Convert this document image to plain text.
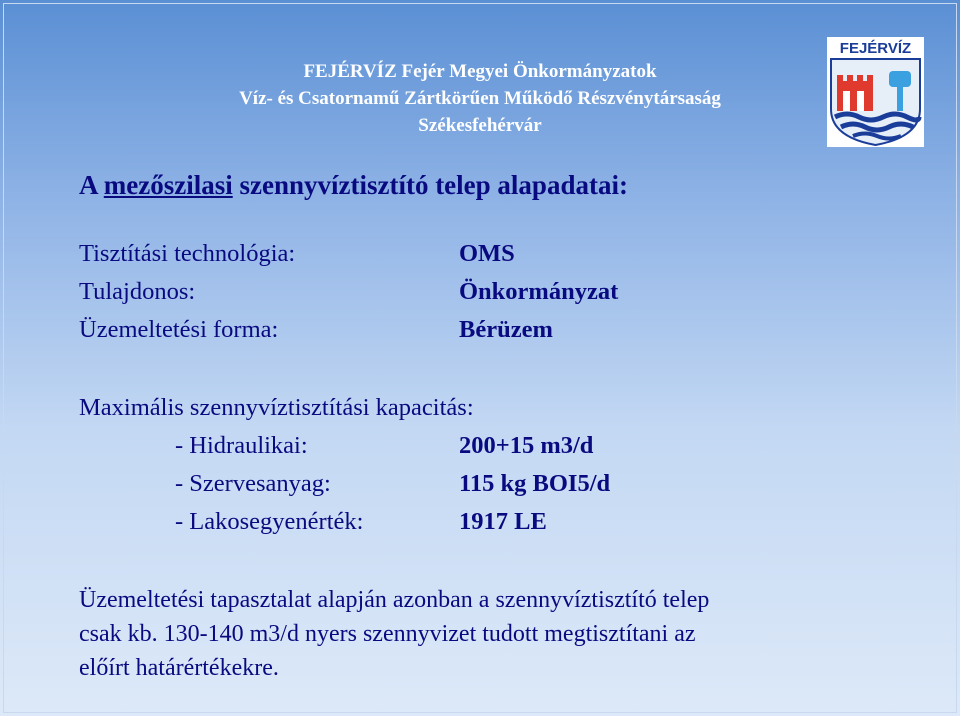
FEJÉRVÍZ Fejér Megyei Önkormányzatok
Víz- és Csatornamű Zártkörűen Működő Részvénytársaság
Székesfehérvár
FEJÉRVÍZ
A mezőszilasi szennyvíztisztító telep alapadatai:
Tisztítási technológia:	OMS
Tulajdonos:	Önkormányzat
Üzemeltetési forma:	Bérüzem
Maximális szennyvíztisztítási kapacitás:
- Hidraulikai:	200+15 m3/d
- Szervesanyag:	115 kg BOI5/d
- Lakosegyenérték:	1917 LE
Üzemeltetési tapasztalat alapján azonban a szennyvíztisztító telep
csak kb. 130-140 m3/d nyers szennyvizet tudott megtisztítani az
előírt határértékekre.
